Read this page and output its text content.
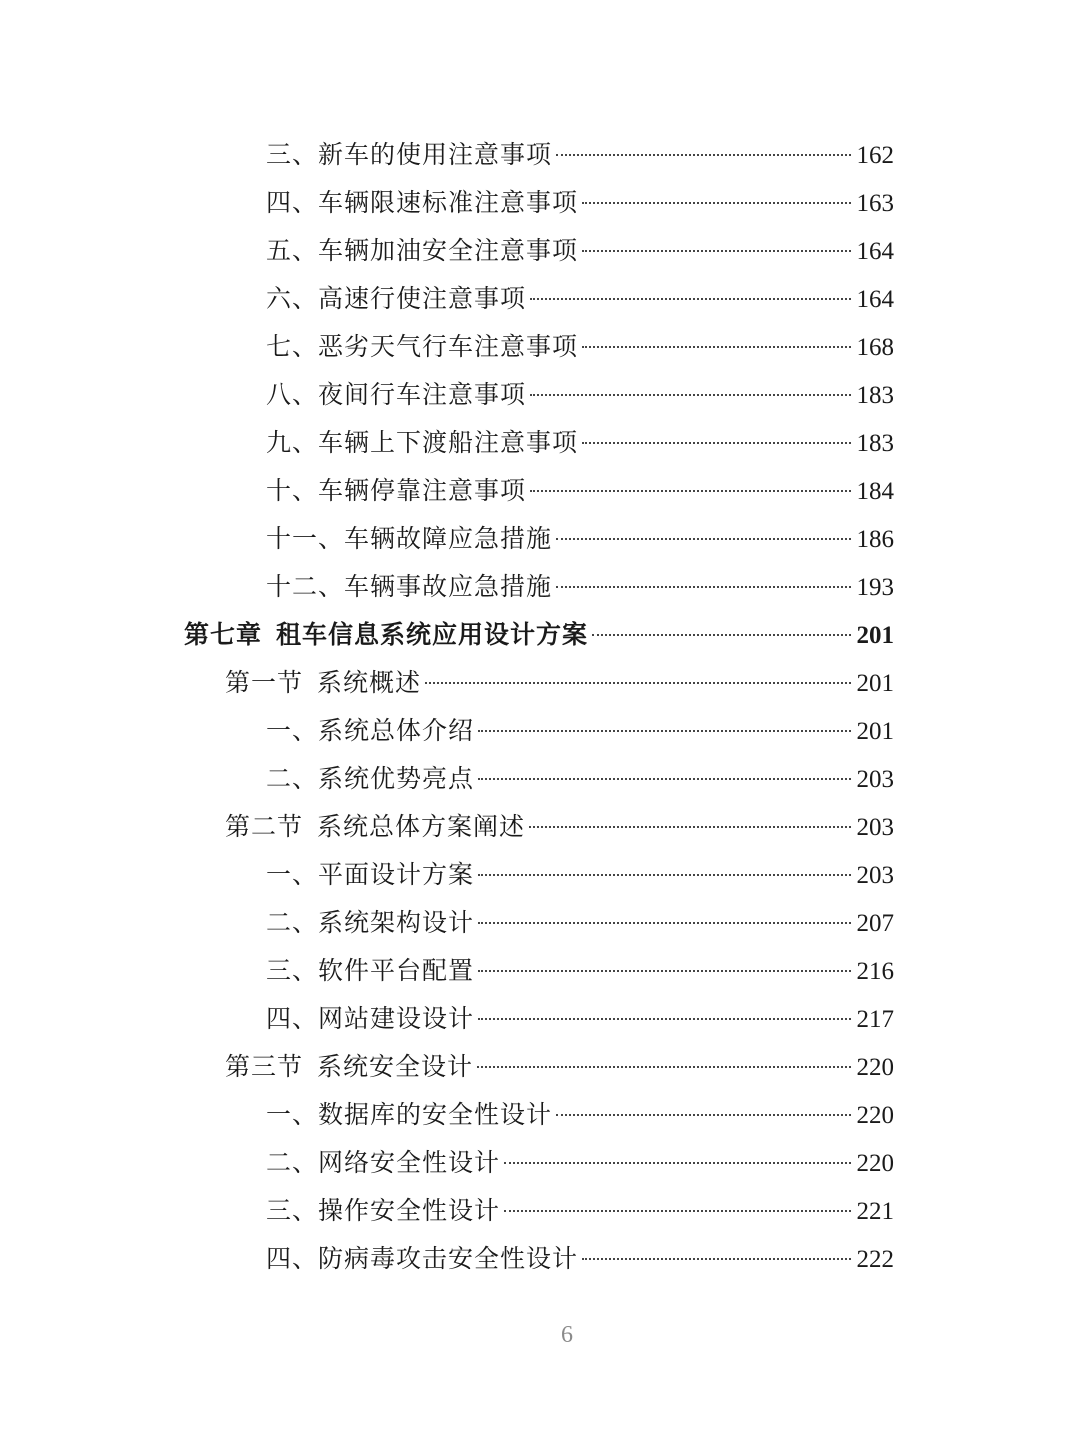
三、新车的使用注意事项	162
四、车辆限速标准注意事项	163
五、车辆加油安全注意事项	164
六、高速行使注意事项	164
七、恶劣天气行车注意事项	168
八、夜间行车注意事项	183
九、车辆上下渡船注意事项	183
十、车辆停靠注意事项	184
十一、车辆故障应急措施	186
十二、车辆事故应急措施	193
第七章 租车信息系统应用设计方案	201
第一节 系统概述	201
一、系统总体介绍	201
二、系统优势亮点	203
第二节 系统总体方案阐述	203
一、平面设计方案	203
二、系统架构设计	207
三、软件平台配置	216
四、网站建设设计	217
第三节 系统安全设计	220
一、数据库的安全性设计	220
二、网络安全性设计	220
三、操作安全性设计	221
四、防病毒攻击安全性设计	222
6
